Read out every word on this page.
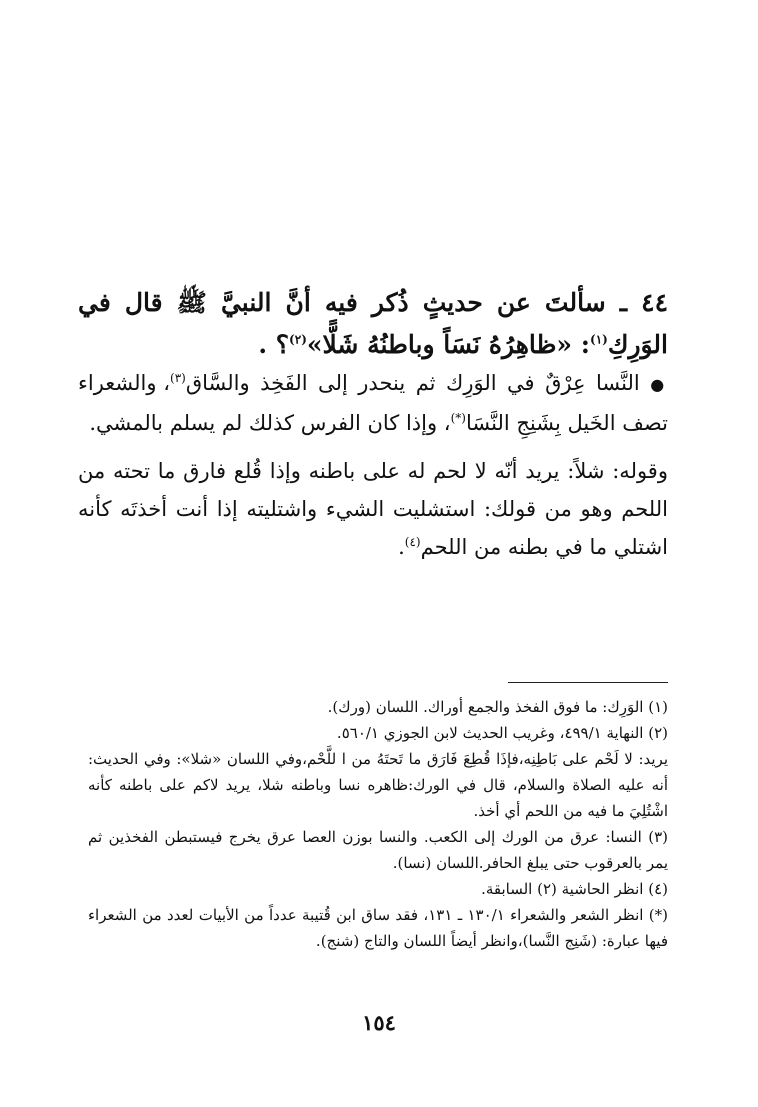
٤٤ ـ سألتَ عن حديثٍ ذُكر فيه أنَّ النبيَّ ﷺ قال في الوَرِكِ$^{(١)}$: «ظاهِرُهُ نَسَاً وباطنُهُ شَلًّا»$^{(٢)}$؟ .
● النَّسا عِرْقٌ في الوَرِك ثم ينحدر إلى الفَخِذ والسَّاق$^{(٣)}$، والشعراء تصف الخَيل بِشَنِجِ النَّسَا(*)، وإذا كان الفرس كذلك لم يسلم بالمشي.
وقوله: شلاً: يريد أنّه لا لحم له على باطنه وإذا قُلع فارق ما تحته من اللحم وهو من قولك: استشليت الشيء واشتليته إذا أنت أخذتَه كأنه اشتلي ما في بطنه من اللحم$^{(٤)}$.

(١) الوَرِك: ما فوق الفخذ والجمع أوراك. اللسان (ورك).

(٢) النهاية ٤٩٩/١، وغريب الحديث لابن الجوزي ٥٦٠/١.

يريد: لا لَحْم على بَاطِنِه،فإذَا قُطِعَ فَارَق ما تَحتَهُ من ا للَّحْم،وفي اللسان «شلا»: وفي الحديث: أنه عليه الصلاة والسلام، قال في الورك:ظاهره نسا وباطنه شلا، يريد لاكم على باطنه كأنه اشْتُلِيَ ما فيه من اللحم أي أخذ.

(٣) النسا: عرق من الورك إلى الكعب. والنسا بوزن العصا عرق يخرج فيستبطن الفخذين ثم يمر بالعرقوب حتى يبلغ الحافر.اللسان (نسا).

(٤) انظر الحاشية (٢) السابقة.

(*) انظر الشعر والشعراء ١٣٠/١ ـ ١٣١، فقد ساق ابن قُتيبة عدداً من الأبيات لعدد من الشعراء فيها عبارة: (شَنِج النَّسا)،وانظر أيضاً اللسان والتاج (شنج).

١٥٤
